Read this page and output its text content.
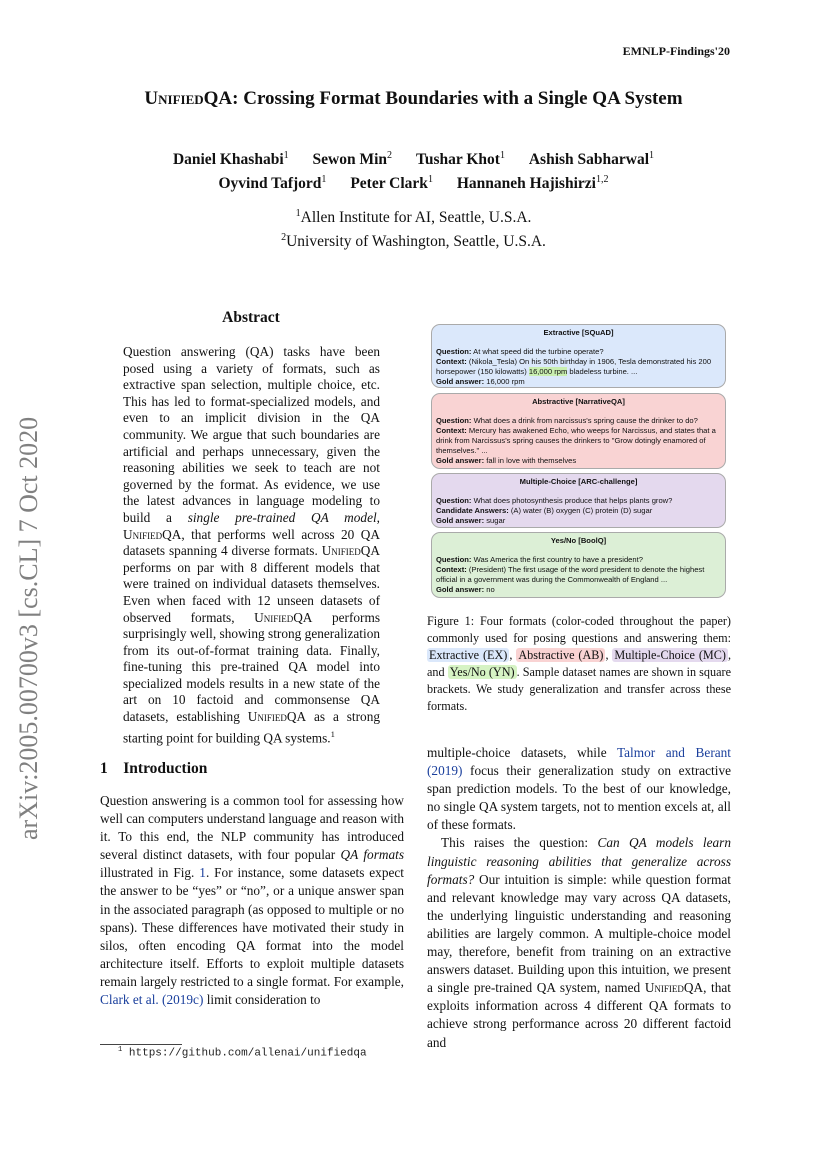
EMNLP-Findings'20
UnifiedQA: Crossing Format Boundaries with a Single QA System
Daniel Khashabi$^1$ Sewon Min$^2$ Tushar Khot$^1$ Ashish Sabharwal$^1$
Oyvind Tafjord$^1$ Peter Clark$^1$ Hannaneh Hajishirzi$^{1,2}$
$^1$Allen Institute for AI, Seattle, U.S.A.
$^2$University of Washington, Seattle, U.S.A.
arXiv:2005.00700v3 [cs.CL] 7 Oct 2020
Abstract
Question answering (QA) tasks have been posed using a variety of formats, such as extractive span selection, multiple choice, etc. This has led to format-specialized models, and even to an implicit division in the QA community. We argue that such boundaries are artificial and perhaps unnecessary, given the reasoning abilities we seek to teach are not governed by the format. As evidence, we use the latest advances in language modeling to build a single pre-trained QA model, UnifiedQA, that performs well across 20 QA datasets spanning 4 diverse formats. UnifiedQA performs on par with 8 different models that were trained on individual datasets themselves. Even when faced with 12 unseen datasets of observed formats, UnifiedQA performs surprisingly well, showing strong generalization from its out-of-format training data. Finally, fine-tuning this pre-trained QA model into specialized models results in a new state of the art on 10 factoid and commonsense QA datasets, establishing UnifiedQA as a strong starting point for building QA systems.$^1$
1 Introduction
Question answering is a common tool for assessing how well can computers understand language and reason with it. To this end, the NLP community has introduced several distinct datasets, with four popular QA formats illustrated in Fig. 1. For instance, some datasets expect the answer to be “yes” or “no”, or a unique answer span in the associated paragraph (as opposed to multiple or no spans). These differences have motivated their study in silos, often encoding QA format into the model architecture itself. Efforts to exploit multiple datasets remain largely restricted to a single format. For example, Clark et al. (2019c) limit consideration to
$^1$ https://github.com/allenai/unifiedqa
Extractive [SQuAD]
Question: At what speed did the turbine operate?
Context: (Nikola_Tesla) On his 50th birthday in 1906, Tesla demonstrated his 200 horsepower (150 kilowatts) 16,000 rpm bladeless turbine. ...
Gold answer: 16,000 rpm
Abstractive [NarrativeQA]
Question: What does a drink from narcissus's spring cause the drinker to do?
Context: Mercury has awakened Echo, who weeps for Narcissus, and states that a drink from Narcissus's spring causes the drinkers to "Grow dotingly enamored of themselves." ...
Gold answer: fall in love with themselves
Multiple-Choice [ARC-challenge]
Question: What does photosynthesis produce that helps plants grow?
Candidate Answers: (A) water (B) oxygen (C) protein (D) sugar
Gold answer: sugar
Yes/No [BoolQ]
Question: Was America the first country to have a president?
Context: (President) The first usage of the word president to denote the highest official in a government was during the Commonwealth of England ...
Gold answer: no
Figure 1: Four formats (color-coded throughout the paper) commonly used for posing questions and answering them: Extractive (EX) , Abstractive (AB) , Multiple-Choice (MC) , and Yes/No (YN) . Sample dataset names are shown in square brackets. We study generalization and transfer across these formats.

multiple-choice datasets, while Talmor and Berant (2019) focus their generalization study on extractive span prediction models. To the best of our knowledge, no single QA system targets, not to mention excels at, all of these formats.

This raises the question: Can QA models learn linguistic reasoning abilities that generalize across formats? Our intuition is simple: while question format and relevant knowledge may vary across QA datasets, the underlying linguistic understanding and reasoning abilities are largely common. A multiple-choice model may, therefore, benefit from training on an extractive answers dataset. Building upon this intuition, we present a single pre-trained QA system, named UnifiedQA, that exploits information across 4 different QA formats to achieve strong performance across 20 different factoid and
